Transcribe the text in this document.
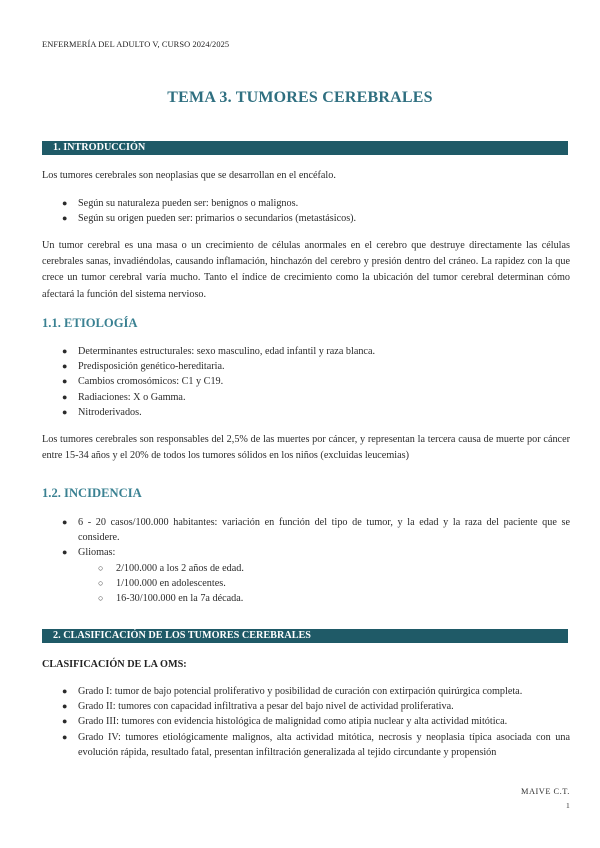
ENFERMERÍA DEL ADULTO V, CURSO 2024/2025
TEMA 3. TUMORES CEREBRALES
1. INTRODUCCIÓN

Los tumores cerebrales son neoplasias que se desarrollan en el encéfalo.

● Según su naturaleza pueden ser: benignos o malignos.
● Según su origen pueden ser: primarios o secundarios (metastásicos).

Un tumor cerebral es una masa o un crecimiento de células anormales en el cerebro que destruye directamente las células cerebrales sanas, invadiéndolas, causando inflamación, hinchazón del cerebro y presión dentro del cráneo. La rapidez con la que crece un tumor cerebral varía mucho. Tanto el índice de crecimiento como la ubicación del tumor cerebral determinan cómo afectará la función del sistema nervioso.

1.1. ETIOLOGÍA
● Determinantes estructurales: sexo masculino, edad infantil y raza blanca.
● Predisposición genético-hereditaria.
● Cambios cromosómicos: C1 y C19.
● Radiaciones: X o Gamma.
● Nitroderivados.

Los tumores cerebrales son responsables del 2,5% de las muertes por cáncer, y representan la tercera causa de muerte por cáncer entre 15-34 años y el 20% de todos los tumores sólidos en los niños (excluidas leucemias)

1.2. INCIDENCIA
● 6 - 20 casos/100.000 habitantes: variación en función del tipo de tumor, y la edad y la raza del paciente que se considere.
● Gliomas:
○ 2/100.000 a los 2 años de edad.
○ 1/100.000 en adolescentes.
○ 16-30/100.000 en la 7a década.
2. CLASIFICACIÓN DE LOS TUMORES CEREBRALES
CLASIFICACIÓN DE LA OMS:
● Grado I: tumor de bajo potencial proliferativo y posibilidad de curación con extirpación quirúrgica completa.
● Grado II: tumores con capacidad infiltrativa a pesar del bajo nivel de actividad proliferativa.
● Grado III: tumores con evidencia histológica de malignidad como atipia nuclear y alta actividad mitótica.
● Grado IV: tumores etiológicamente malignos, alta actividad mitótica, necrosis y neoplasia típica asociada con una evolución rápida, resultado fatal, presentan infiltración generalizada al tejido circundante y propensión
MAIVE C.T.
1
